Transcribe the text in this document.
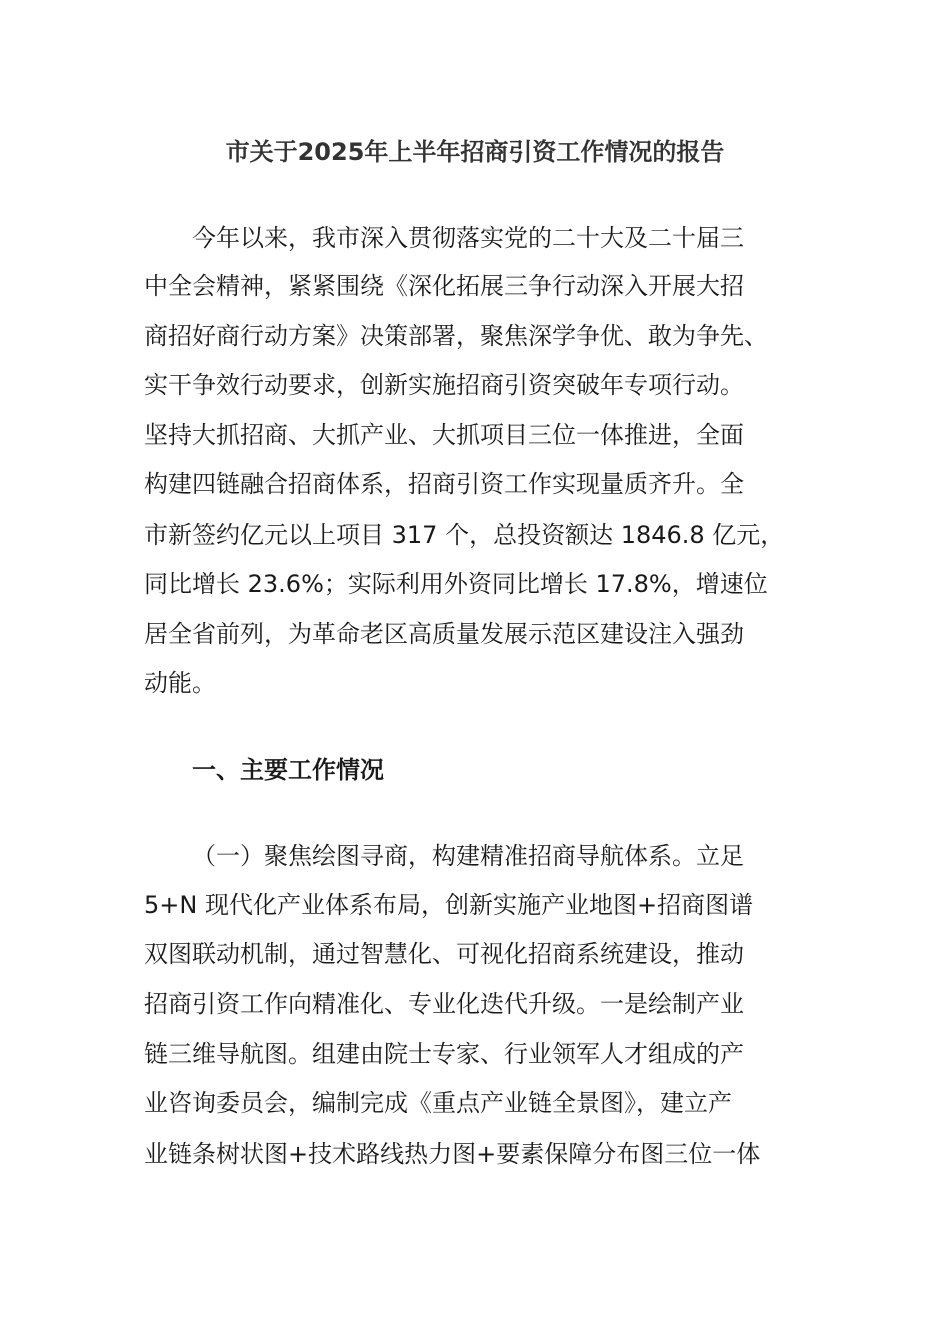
市关于2025年上半年招商引资工作情况的报告
今年以来，我市深入贯彻落实党的二十大及二十届三
中全会精神，紧紧围绕《深化拓展三争行动深入开展大招
商招好商行动方案》决策部署，聚焦深学争优、敢为争先、
实干争效行动要求，创新实施招商引资突破年专项行动。
坚持大抓招商、大抓产业、大抓项目三位一体推进，全面
构建四链融合招商体系，招商引资工作实现量质齐升。全
市新签约亿元以上项目 317 个，总投资额达 1846.8 亿元，
同比增长 23.6%；实际利用外资同比增长 17.8%，增速位
居全省前列，为革命老区高质量发展示范区建设注入强劲
动能。
一、主要工作情况
（一）聚焦绘图寻商，构建精准招商导航体系。立足
5+N 现代化产业体系布局，创新实施产业地图+招商图谱
双图联动机制，通过智慧化、可视化招商系统建设，推动
招商引资工作向精准化、专业化迭代升级。一是绘制产业
链三维导航图。组建由院士专家、行业领军人才组成的产
业咨询委员会，编制完成《重点产业链全景图》，建立产
业链条树状图+技术路线热力图+要素保障分布图三位一体
